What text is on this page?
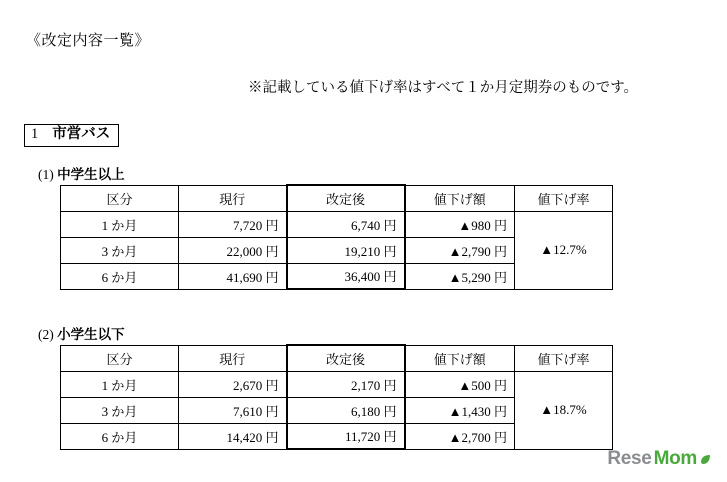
《改定内容一覧》
※記載している値下げ率はすべて１か月定期券のものです。
1 市営バス
(1) 中学生以上
区分	現行	改定後	値下げ額	値下げ率
1 か月	7,720 円	6,740 円	▲980 円	▲12.7%
3 か月	22,000 円	19,210 円	▲2,790 円	
6 か月	41,690 円	36,400 円	▲5,290 円	
(2) 小学生以下
区分	現行	改定後	値下げ額	値下げ率
1 か月	2,670 円	2,170 円	▲500 円	▲18.7%
3 か月	7,610 円	6,180 円	▲1,430 円	
6 か月	14,420 円	11,720 円	▲2,700 円	
Rese Mom
